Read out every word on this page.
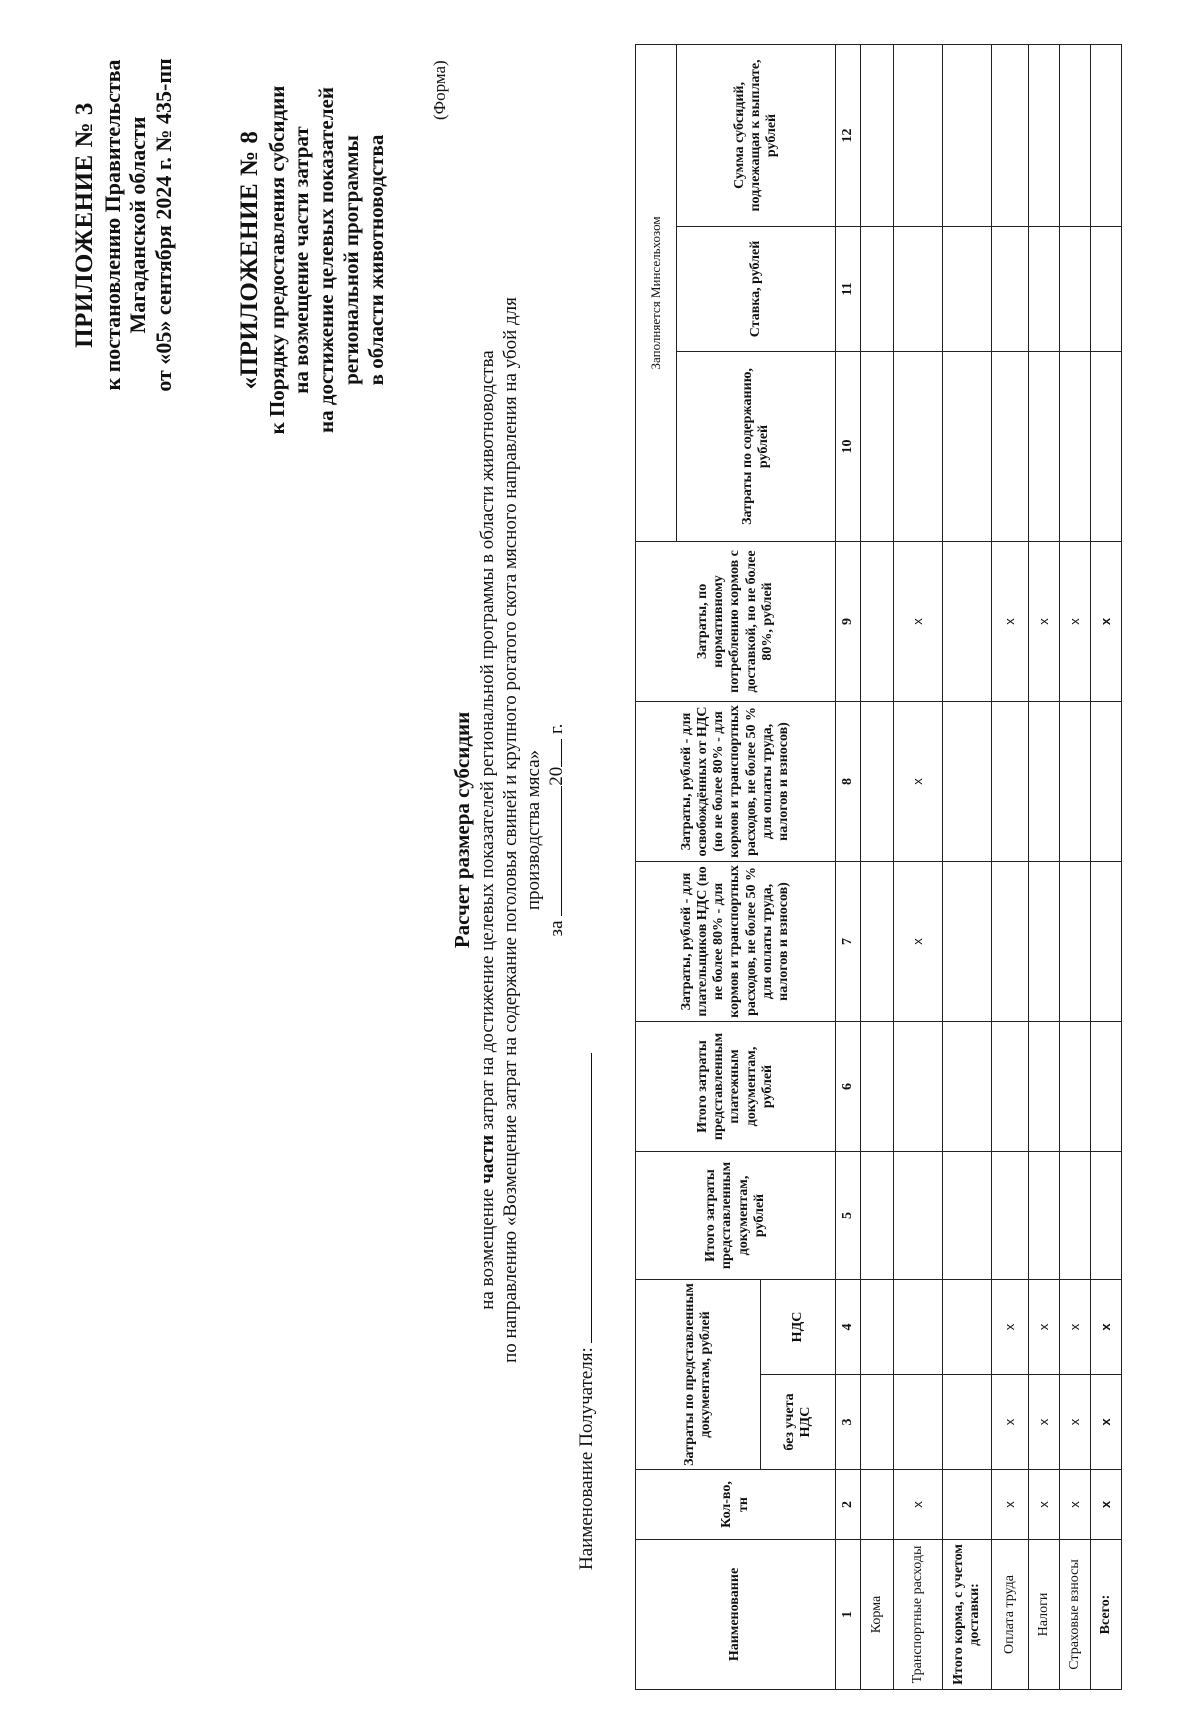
ПРИЛОЖЕНИЕ № 3 к постановлению Правительства Магаданской области от «05» сентября 2024 г. № 435-пп «ПРИЛОЖЕНИЕ № 8 к Порядку предоставления субсидии на возмещение части затрат на достижение целевых показателей региональной программы в области животноводства
(Форма)
Расчет размера субсидии
на возмещение части затрат на достижение целевых показателей региональной программы в области животноводства по направлению «Возмещение затрат на содержание поголовья свиней и крупного рогатого скота мясного направления на убой для производства мяса»
за 20 г.
Наименование Получателя:
Наименование	Кол-во, тн	Затраты по представленным документам, рублей		Итого затраты представленным документам, рублей	Итого затраты представленным платежным документам, рублей	Затраты, рублей - для плательщиков НДС (но не более 80% - для кормов и транспортных расходов, не более 50 % для оплаты труда, налогов и взносов)	Затраты, рублей - для освобождённых от НДС (но не более 80% - для кормов и транспортных расходов, не более 50 % для оплаты труда, налогов и взносов)	Затраты, по нормативному потреблению кормов с доставкой, но не более 80%, рублей	Заполняется Минсельхозом		
									Затраты по содержанию, рублей	Ставка, рублей	Сумма субсидий, подлежащая к выплате, рублей
		без учета НДС	НДС								
1	2	3	4	5	6	7	8	9	10	11	12
Корма											
Транспортные расходы	x					x	x	x			
Итого корма, с учетом доставки:											
Оплата труда	x	x	x					x			
Налоги	x	x	x					x			
Страховые взносы	x	x	x					x			
Всего:	x	x	x					x			
